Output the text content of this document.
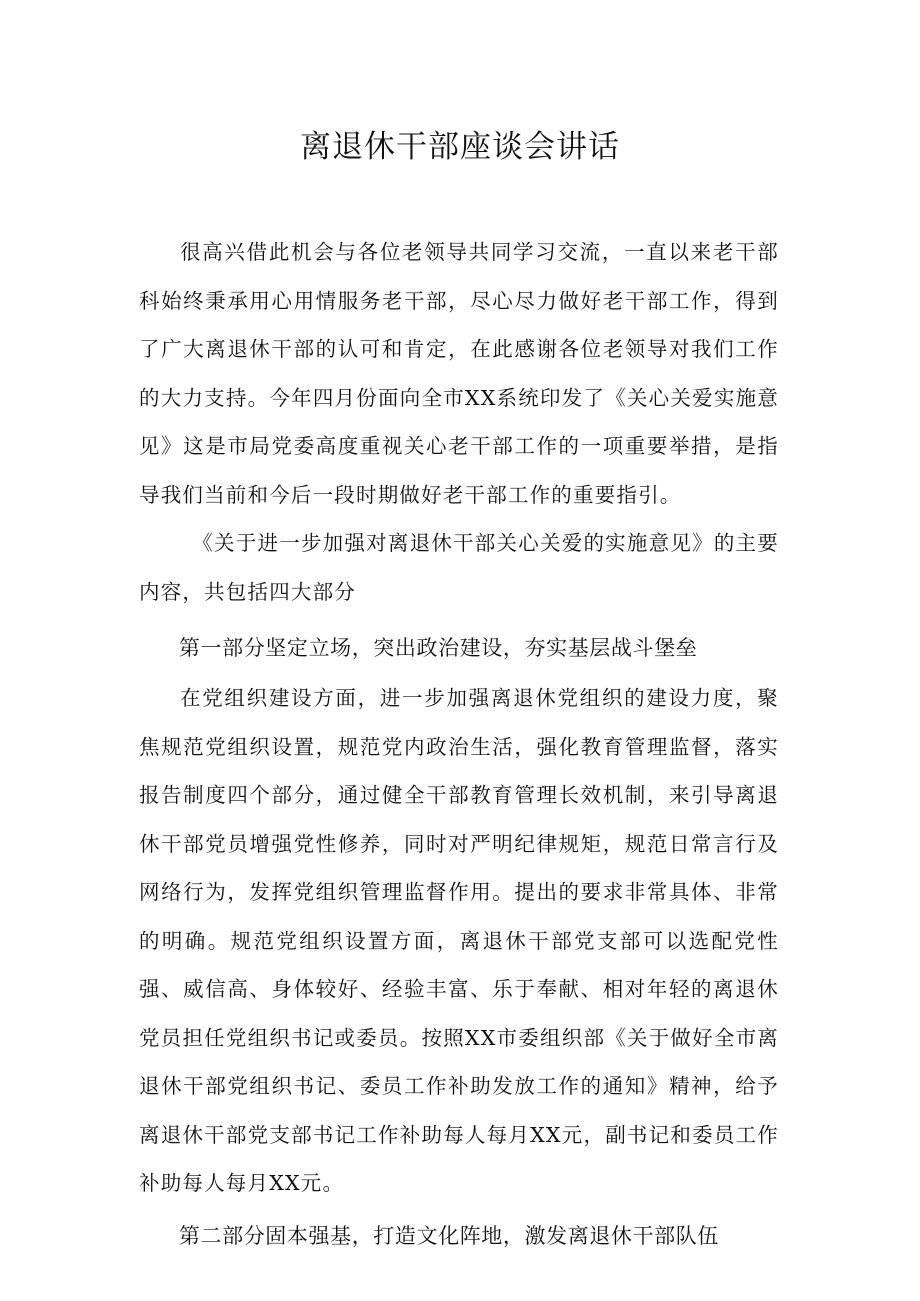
离退休干部座谈会讲话

很高兴借此机会与各位老领导共同学习交流，一直以来老干部科始终秉承用心用情服务老干部，尽心尽力做好老干部工作，得到了广大离退休干部的认可和肯定，在此感谢各位老领导对我们工作的大力支持。今年四月份面向全市XX系统印发了《关心关爱实施意见》这是市局党委高度重视关心老干部工作的一项重要举措，是指导我们当前和今后一段时期做好老干部工作的重要指引。

《关于进一步加强对离退休干部关心关爱的实施意见》的主要内容，共包括四大部分

第一部分坚定立场，突出政治建设，夯实基层战斗堡垒

在党组织建设方面，进一步加强离退休党组织的建设力度，聚焦规范党组织设置，规范党内政治生活，强化教育管理监督，落实报告制度四个部分，通过健全干部教育管理长效机制，来引导离退休干部党员增强党性修养，同时对严明纪律规矩，规范日常言行及网络行为，发挥党组织管理监督作用。提出的要求非常具体、非常的明确。规范党组织设置方面，离退休干部党支部可以选配党性强、威信高、身体较好、经验丰富、乐于奉献、相对年轻的离退休党员担任党组织书记或委员。按照XX市委组织部《关于做好全市离退休干部党组织书记、委员工作补助发放工作的通知》精神，给予离退休干部党支部书记工作补助每人每月XX元，副书记和委员工作补助每人每月XX元。

第二部分固本强基，打造文化阵地，激发离退休干部队伍
